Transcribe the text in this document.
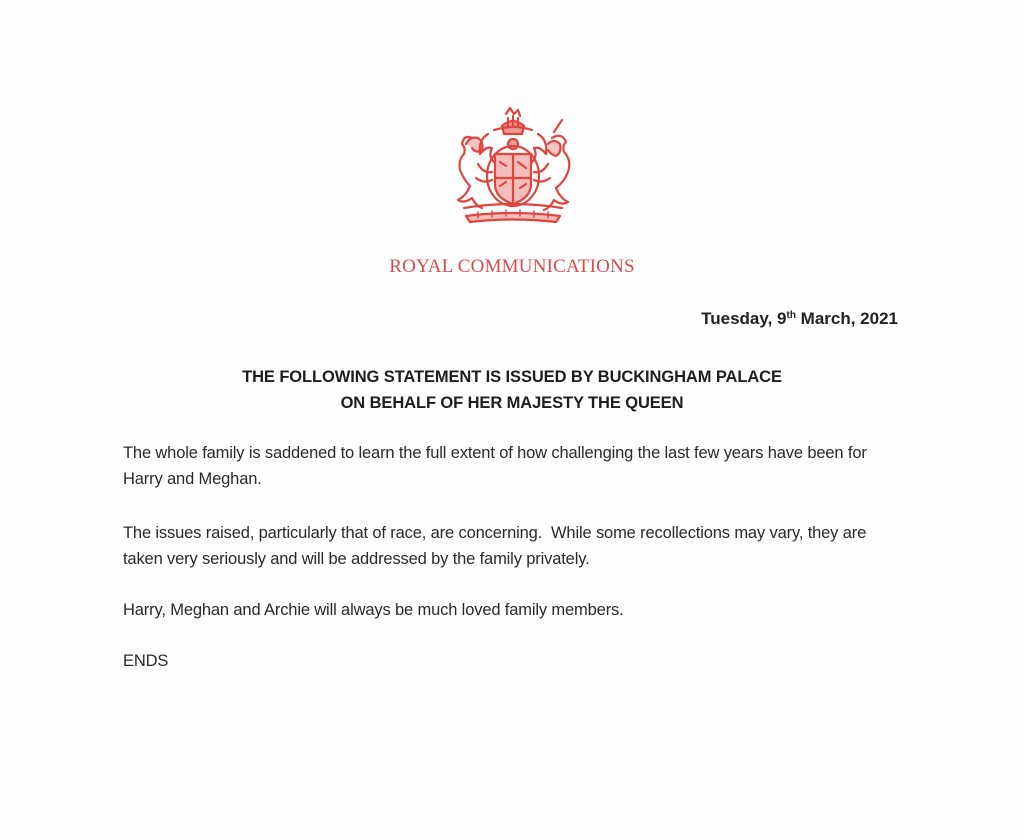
ROYAL COMMUNICATIONS
Tuesday, 9th March, 2021
THE FOLLOWING STATEMENT IS ISSUED BY BUCKINGHAM PALACE
ON BEHALF OF HER MAJESTY THE QUEEN
The whole family is saddened to learn the full extent of how challenging the last few years have been for Harry and Meghan.
The issues raised, particularly that of race, are concerning.  While some recollections may vary, they are taken very seriously and will be addressed by the family privately.
Harry, Meghan and Archie will always be much loved family members.
ENDS
